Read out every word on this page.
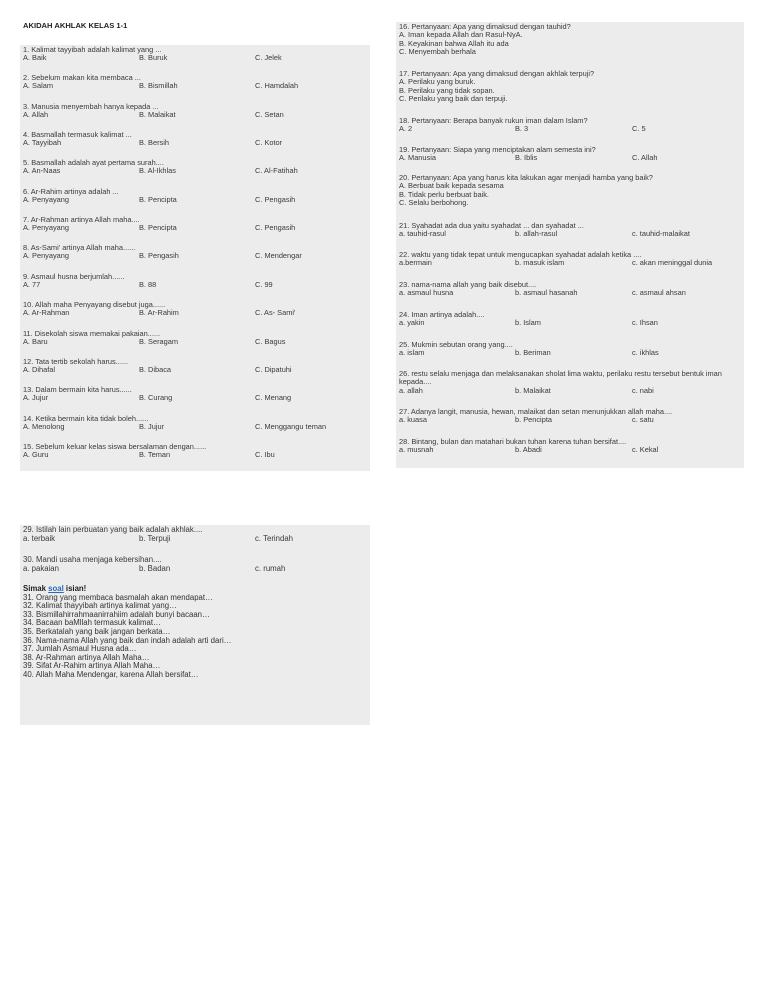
AKIDAH AKHLAK KELAS 1-1
1. Kalimat tayyibah adalah kalimat yang ...
A. Baik	B. Buruk	C. Jelek
2. Sebelum makan kita membaca ...
A. Salam	B. Bismillah	C. Hamdalah
3. Manusia menyembah hanya kepada ...
A. Allah	B. Malaikat	C. Setan
4. Basmallah termasuk kalimat ...
A. Tayyibah	B. Bersih	C. Kotor
5. Basmallah adalah ayat pertama surah....
A. An-Naas	B. Al-Ikhlas	C. Al-Fatihah
6. Ar-Rahim artinya adalah ...
A. Penyayang	B. Pencipta	C. Pengasih
7. Ar-Rahman artinya Allah maha....
A. Penyayang	B. Pencipta	C. Pengasih
8. As-Sami' artinya Allah maha......
A. Penyayang	B. Pengasih	C. Mendengar
9. Asmaul husna berjumlah......
A. 77	B. 88	C. 99
10. Allah maha Penyayang disebut juga......
A. Ar-Rahman	B. Ar-Rahim	C. As- Sami'
11. Disekolah siswa memakai pakaian......
A. Baru	B. Seragam	C. Bagus
12. Tata tertib sekolah harus......
A. Dihafal	B. Dibaca	C. Dipatuhi
13. Dalam bermain kita harus......
A. Jujur	B. Curang	C. Menang
14. Ketika bermain kita tidak boleh......
A. Menolong	B. Jujur	C. Menggangu teman
15. Sebelum keluar kelas siswa bersalaman dengan......
A. Guru	B. Teman	C. Ibu
16. Pertanyaan: Apa yang dimaksud dengan tauhid?
A. Iman kepada Allah dan Rasul-NyA.
B. Keyakinan bahwa Allah itu ada
C. Menyembah berhala
17. Pertanyaan: Apa yang dimaksud dengan akhlak terpuji?
A. Perilaku yang buruk.
B. Perilaku yang tidak sopan.
C. Perilaku yang baik dan terpuji.
18. Pertanyaan: Berapa banyak rukun iman dalam Islam?
A. 2	B. 3	C. 5
19. Pertanyaan: Siapa yang menciptakan alam semesta ini?
A. Manusia	B. Iblis	C. Allah
20. Pertanyaan: Apa yang harus kita lakukan agar menjadi hamba yang baik?
A. Berbuat baik kepada sesama
B. Tidak perlu berbuat baik.
C. Selalu berbohong.
21. Syahadat ada dua yaitu syahadat ... dan syahadat ...
a. tauhid-rasul	b. allah-rasul	c. tauhid-malaikat
22. waktu yang tidak tepat untuk mengucapkan syahadat adalah ketika ....
a.bermain	b. masuk islam	c. akan meninggal dunia
23. nama-nama allah yang baik disebut....
a. asmaul husna	b. asmaul hasanah	c. asmaul ahsan
24. Iman artinya adalah....
a. yakin	b. Islam	c. Ihsan
25. Mukmin sebutan orang yang....
a. islam	b. Beriman	c. ikhlas
26. restu selalu menjaga dan melaksanakan sholat lima waktu, perilaku restu tersebut bentuk iman kepada....
a. allah	b. Malaikat	c. nabi
27. Adanya langit, manusia, hewan, malaikat dan setan menunjukkan allah maha....
a. kuasa	b. Pencipta	c. satu
28. Bintang, bulan dan matahari bukan tuhan karena tuhan bersifat....
a. musnah	b. Abadi	c. Kekal
29. Istilah lain perbuatan yang baik adalah akhlak....
a. terbaik	b. Terpuji	c. Terindah
30. Mandi usaha menjaga kebersihan....
a. pakaian	b. Badan	c. rumah
Simak soal isian!
31. Orang yang membaca basmalah akan mendapat…
32. Kalimat thayyibah artinya kalimat yang…
33. Bismillahirrahmaanirrahiim adalah bunyi bacaan…
34. Bacaan baMllah termasuk kalimat…
35. Berkatalah yang baik jangan berkata…
36. Nama-nama Allah yang baik dan indah adalah arti dari…
37. Jumlah Asmaul Husna ada…
38. Ar-Rahman artinya Allah Maha…
39. Sifat Ar-Rahim artinya Allah Maha…
40. Allah Maha Mendengar, karena Allah bersifat…
